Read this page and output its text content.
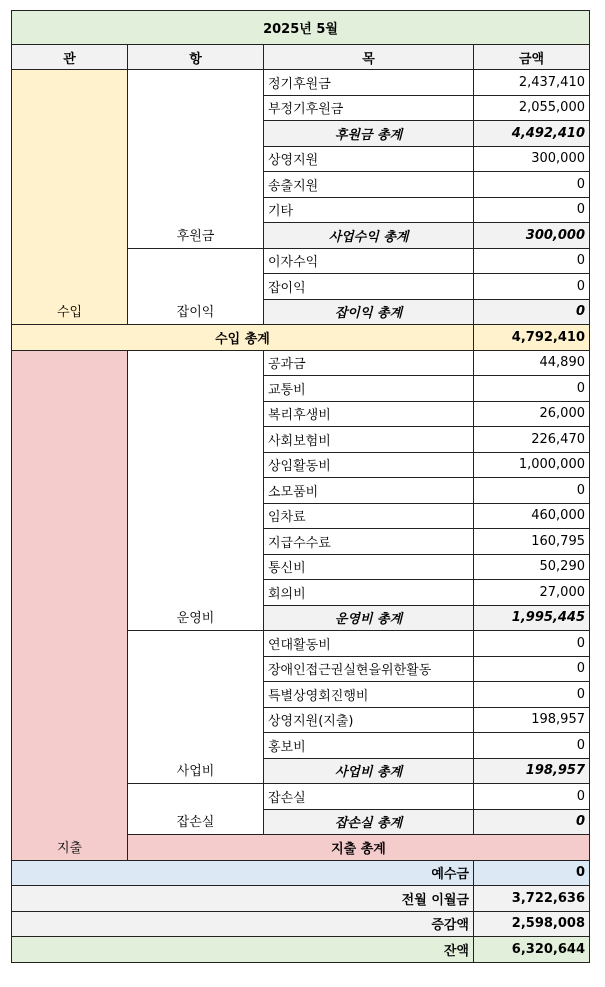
2025년 5월				
관	항	목	금액	
수입	후원금	정기후원금	2,437,410	
		부정기후원금	2,055,000	
		후원금 총계	4,492,410	
		상영지원	300,000	
		송출지원	0	
		기타	0	
		사업수익 총계	300,000	
	잡이익	이자수익	0	
		잡이익	0	
		잡이익 총계	0	
수입 총계			4,792,410	
지출	운영비	공과금	44,890	
		교통비	0	
		복리후생비	26,000	
		사회보험비	226,470	
		상임활동비	1,000,000	
		소모품비	0	
		임차료	460,000	
		지급수수료	160,795	
		통신비	50,290	
		회의비	27,000	
		운영비 총계	1,995,445	
	사업비	연대활동비	0	
		장애인접근권실현을위한활동	0	
		특별상영회진행비	0	
		상영지원(지출)	198,957	
		홍보비	0	
		사업비 총계	198,957	
	잡손실	잡손실	0	
		잡손실 총계	0	
	지출 총계	
예수금			0	
전월 이월금			3,722,636	
증감액			2,598,008	
잔액			6,320,644	
